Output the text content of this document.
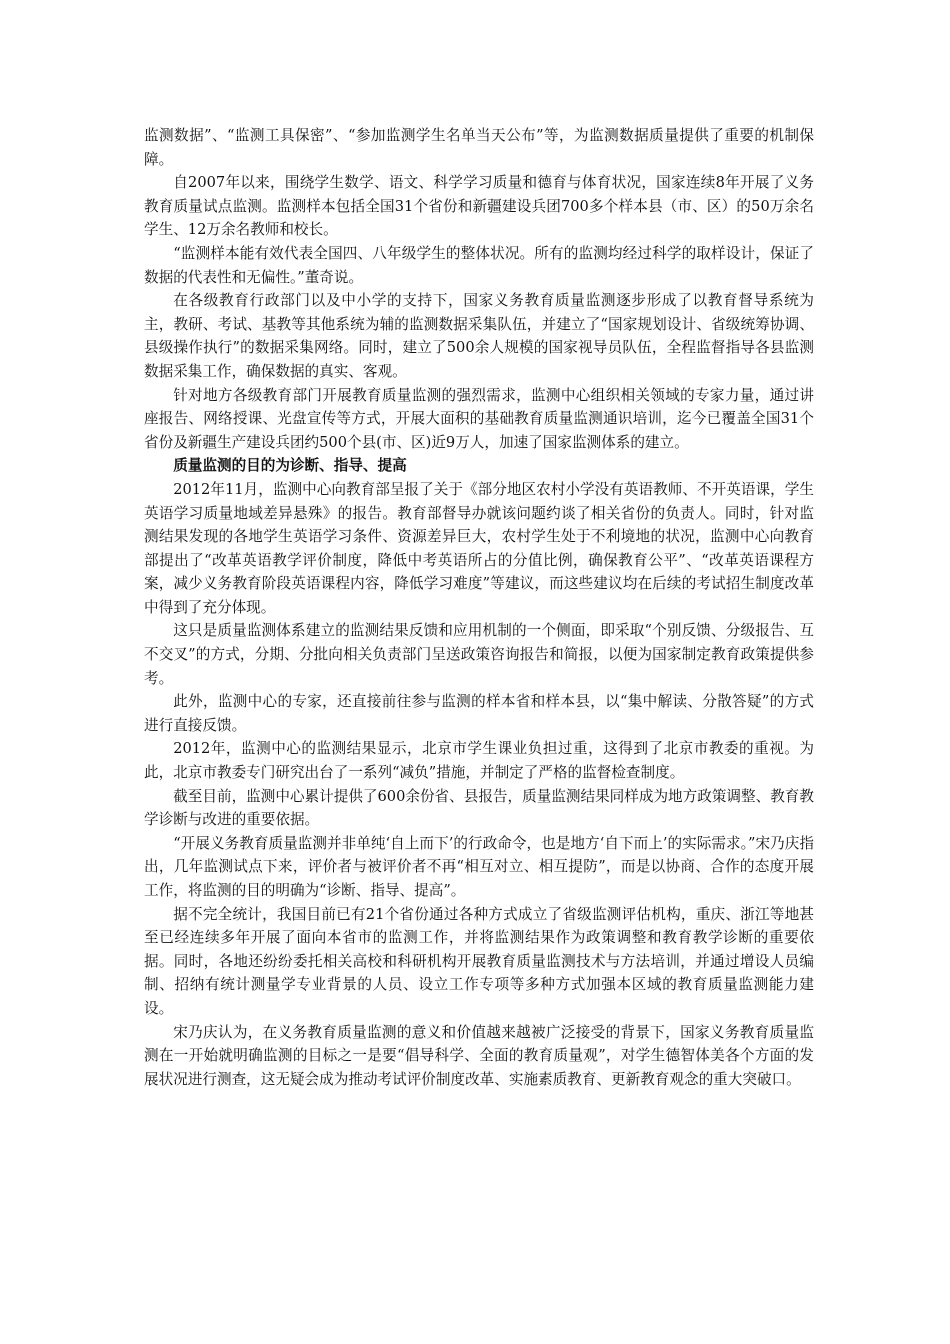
监测数据”、“监测工具保密”、“参加监测学生名单当天公布”等，为监测数据质量提供了重要的机制保障。

自2007年以来，围绕学生数学、语文、科学学习质量和德育与体育状况，国家连续8年开展了义务教育质量试点监测。监测样本包括全国31个省份和新疆建设兵团700多个样本县（市、区）的50万余名学生、12万余名教师和校长。

“监测样本能有效代表全国四、八年级学生的整体状况。所有的监测均经过科学的取样设计，保证了数据的代表性和无偏性。”董奇说。

在各级教育行政部门以及中小学的支持下，国家义务教育质量监测逐步形成了以教育督导系统为主，教研、考试、基教等其他系统为辅的监测数据采集队伍，并建立了“国家规划设计、省级统筹协调、县级操作执行”的数据采集网络。同时，建立了500余人规模的国家视导员队伍，全程监督指导各县监测数据采集工作，确保数据的真实、客观。

针对地方各级教育部门开展教育质量监测的强烈需求，监测中心组织相关领域的专家力量，通过讲座报告、网络授课、光盘宣传等方式，开展大面积的基础教育质量监测通识培训，迄今已覆盖全国31个省份及新疆生产建设兵团约500个县(市、区)近9万人，加速了国家监测体系的建立。

质量监测的目的为诊断、指导、提高

2012年11月，监测中心向教育部呈报了关于《部分地区农村小学没有英语教师、不开英语课，学生英语学习质量地域差异悬殊》的报告。教育部督导办就该问题约谈了相关省份的负责人。同时，针对监测结果发现的各地学生英语学习条件、资源差异巨大，农村学生处于不利境地的状况，监测中心向教育部提出了“改革英语教学评价制度，降低中考英语所占的分值比例，确保教育公平”、“改革英语课程方案，减少义务教育阶段英语课程内容，降低学习难度”等建议，而这些建议均在后续的考试招生制度改革中得到了充分体现。

这只是质量监测体系建立的监测结果反馈和应用机制的一个侧面，即采取“个别反馈、分级报告、互不交叉”的方式，分期、分批向相关负责部门呈送政策咨询报告和简报，以便为国家制定教育政策提供参考。

此外，监测中心的专家，还直接前往参与监测的样本省和样本县，以“集中解读、分散答疑”的方式进行直接反馈。

2012年，监测中心的监测结果显示，北京市学生课业负担过重，这得到了北京市教委的重视。为此，北京市教委专门研究出台了一系列“减负”措施，并制定了严格的监督检查制度。

截至目前，监测中心累计提供了600余份省、县报告，质量监测结果同样成为地方政策调整、教育教学诊断与改进的重要依据。

“开展义务教育质量监测并非单纯‘自上而下’的行政命令，也是地方‘自下而上’的实际需求。”宋乃庆指出，几年监测试点下来，评价者与被评价者不再“相互对立、相互提防”，而是以协商、合作的态度开展工作，将监测的目的明确为“诊断、指导、提高”。

据不完全统计，我国目前已有21个省份通过各种方式成立了省级监测评估机构，重庆、浙江等地甚至已经连续多年开展了面向本省市的监测工作，并将监测结果作为政策调整和教育教学诊断的重要依据。同时，各地还纷纷委托相关高校和科研机构开展教育质量监测技术与方法培训，并通过增设人员编制、招纳有统计测量学专业背景的人员、设立工作专项等多种方式加强本区域的教育质量监测能力建设。

宋乃庆认为，在义务教育质量监测的意义和价值越来越被广泛接受的背景下，国家义务教育质量监测在一开始就明确监测的目标之一是要“倡导科学、全面的教育质量观”，对学生德智体美各个方面的发展状况进行测查，这无疑会成为推动考试评价制度改革、实施素质教育、更新教育观念的重大突破口。
